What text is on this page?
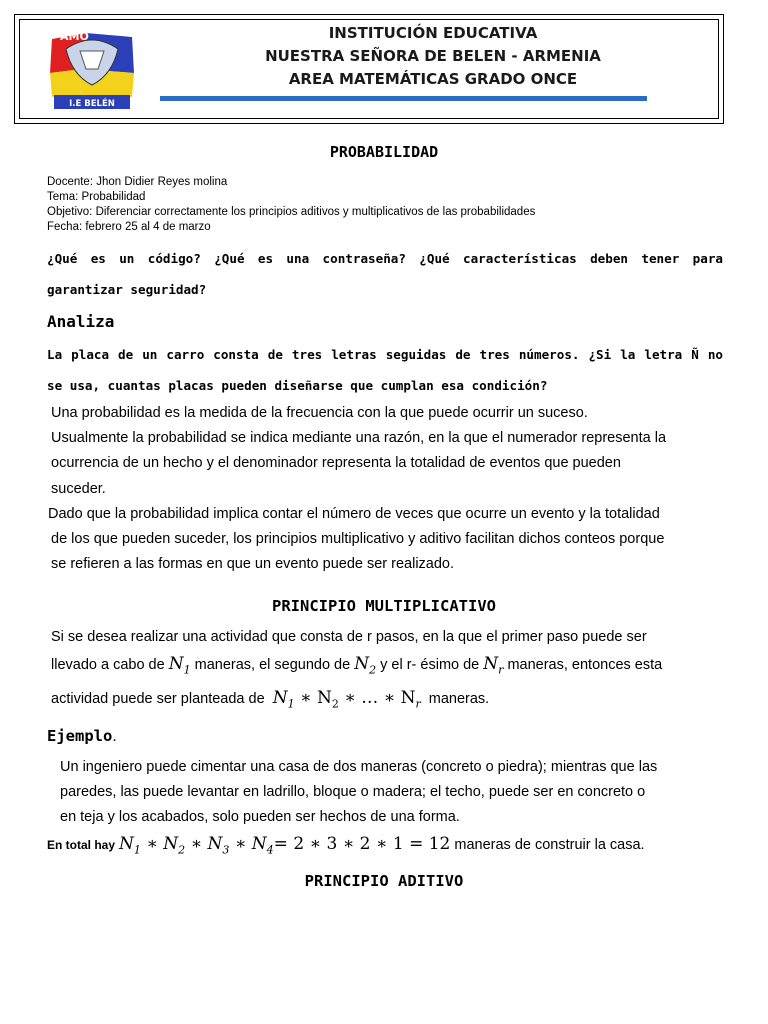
AMO
I.E BELÉN
INSTITUCIÓN EDUCATIVA
NUESTRA SEÑORA DE BELEN - ARMENIA
AREA MATEMÁTICAS GRADO ONCE
PROBABILIDAD
Docente: Jhon Didier Reyes molina
Tema: Probabilidad
Objetivo: Diferenciar correctamente los principios aditivos y multiplicativos de las probabilidades
Fecha: febrero 25 al 4 de marzo
¿Qué es un código? ¿Qué es una contraseña? ¿Qué características deben tener para
garantizar seguridad?
Analiza
La placa de un carro consta de tres letras seguidas de tres números. ¿Si la letra Ñ no
se usa, cuantas placas pueden diseñarse que cumplan esa condición?
Una probabilidad es la medida de la frecuencia con la que puede ocurrir un suceso.
Usualmente la probabilidad se indica mediante una razón, en la que el numerador representa la
ocurrencia de un hecho y el denominador representa la totalidad de eventos que pueden
suceder.
Dado que la probabilidad implica contar el número de veces que ocurre un evento y la totalidad
de los que pueden suceder, los principios multiplicativo y aditivo facilitan dichos conteos porque
se refieren a las formas en que un evento puede ser realizado.
PRINCIPIO MULTIPLICATIVO
Si se desea realizar una actividad que consta de r pasos, en la que el primer paso puede ser
llevado a cabo de $N_1$ maneras, el segundo de $N_2$ y el r- ésimo de $N_r$ maneras, entonces esta
actividad puede ser planteada de $N_1$ ∗ $N_2$ ∗ … ∗ $N_r$ maneras.
Ejemplo.
Un ingeniero puede cimentar una casa de dos maneras (concreto o piedra); mientras que las
paredes, las puede levantar en ladrillo, bloque o madera; el techo, puede ser en concreto o
en teja y los acabados, solo pueden ser hechos de una forma.
En total hay $N_1$ ∗ $N_2$ ∗ $N_3$ ∗ $N_4= 2$ ∗ 3 ∗ 2 ∗ 1 = 12 maneras de construir la casa.
PRINCIPIO ADITIVO
